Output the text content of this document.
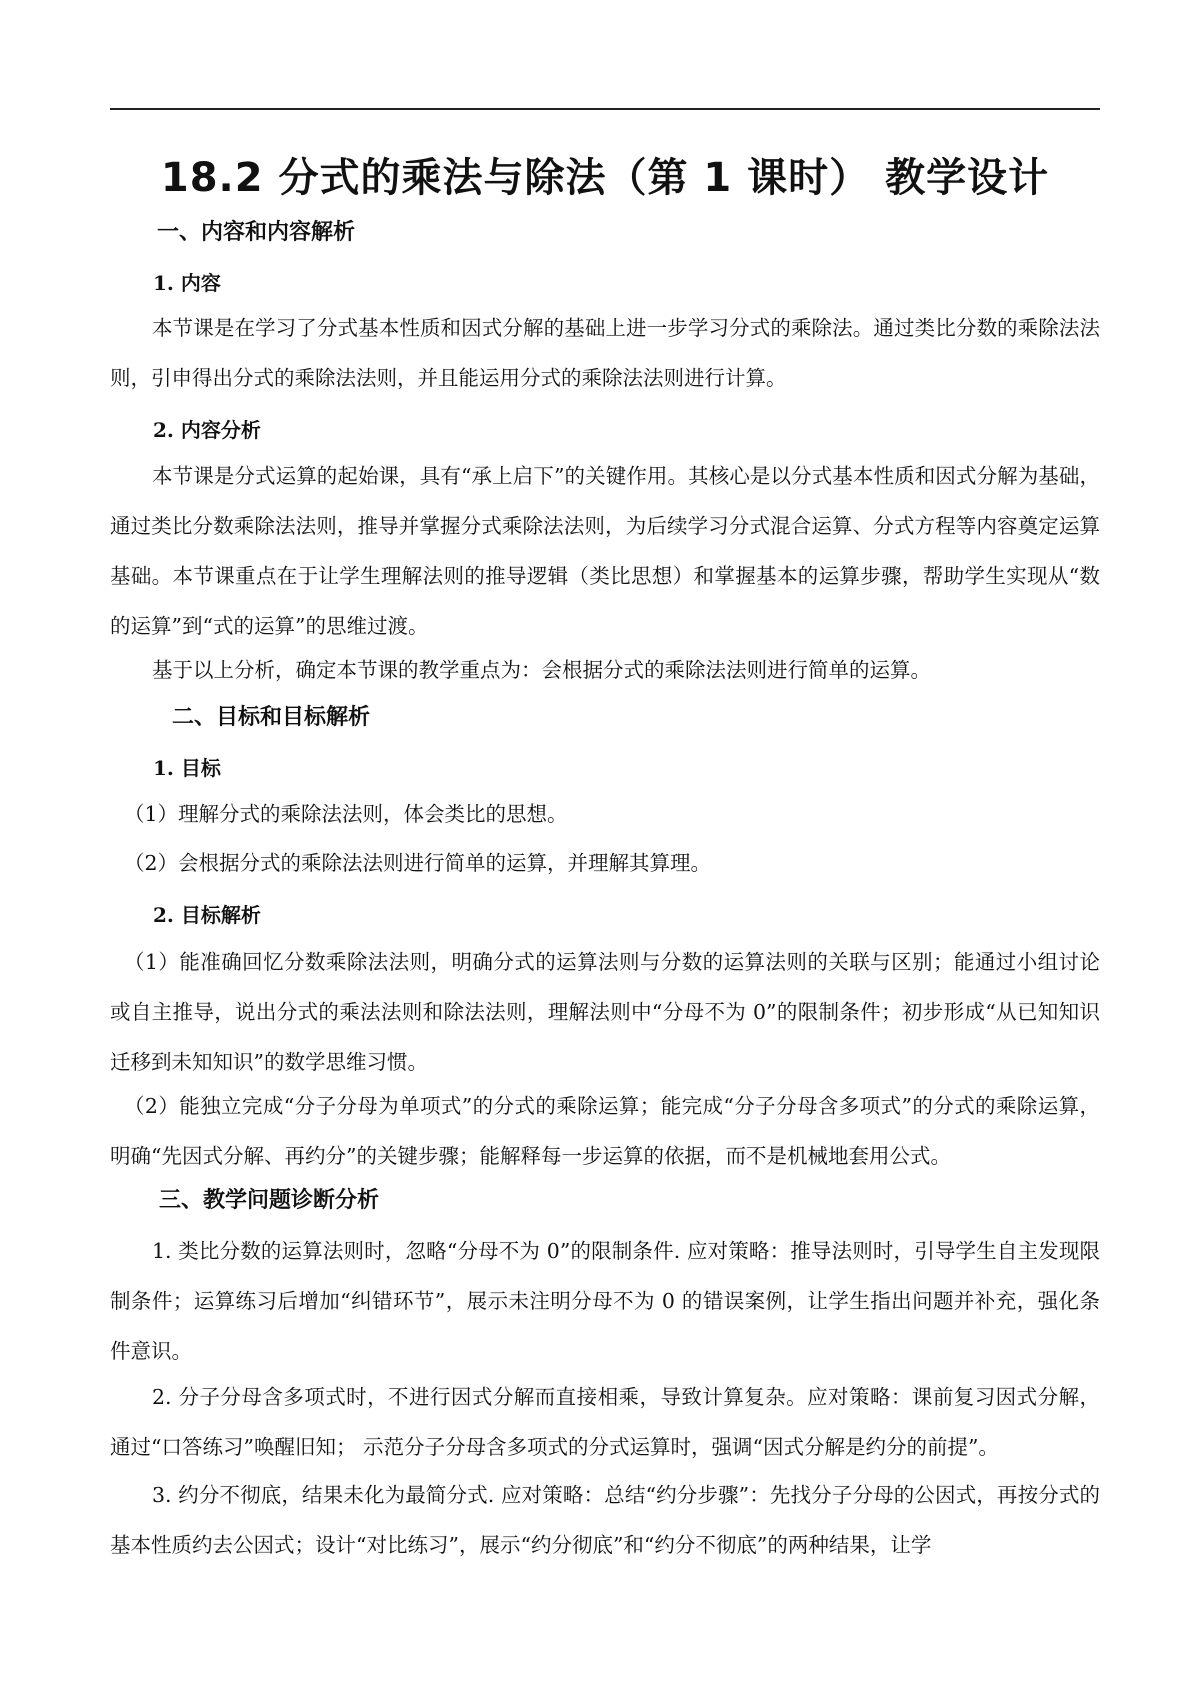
18.2 分式的乘法与除法（第 1 课时） 教学设计
一、内容和内容解析
1. 内容
本节课是在学习了分式基本性质和因式分解的基础上进一步学习分式的乘除法。通过类比分数的乘除法法则，引申得出分式的乘除法法则，并且能运用分式的乘除法法则进行计算。
2. 内容分析
本节课是分式运算的起始课，具有“承上启下”的关键作用。其核心是以分式基本性质和因式分解为基础，通过类比分数乘除法法则，推导并掌握分式乘除法法则，为后续学习分式混合运算、分式方程等内容奠定运算基础。本节课重点在于让学生理解法则的推导逻辑（类比思想）和掌握基本的运算步骤，帮助学生实现从“数的运算”到“式的运算”的思维过渡。
基于以上分析，确定本节课的教学重点为：会根据分式的乘除法法则进行简单的运算。
二、目标和目标解析
1. 目标
（1）理解分式的乘除法法则，体会类比的思想。
（2）会根据分式的乘除法法则进行简单的运算，并理解其算理。
2. 目标解析
（1）能准确回忆分数乘除法法则，明确分式的运算法则与分数的运算法则的关联与区别；能通过小组讨论或自主推导，说出分式的乘法法则和除法法则，理解法则中“分母不为 0”的限制条件；初步形成“从已知知识迁移到未知知识”的数学思维习惯。
（2）能独立完成“分子分母为单项式”的分式的乘除运算；能完成“分子分母含多项式”的分式的乘除运算，明确“先因式分解、再约分”的关键步骤；能解释每一步运算的依据，而不是机械地套用公式。
三、教学问题诊断分析
1. 类比分数的运算法则时，忽略“分母不为 0”的限制条件. 应对策略：推导法则时，引导学生自主发现限制条件；运算练习后增加“纠错环节”，展示未注明分母不为 0 的错误案例，让学生指出问题并补充，强化条件意识。
2. 分子分母含多项式时，不进行因式分解而直接相乘，导致计算复杂。应对策略：课前复习因式分解，通过“口答练习”唤醒旧知； 示范分子分母含多项式的分式运算时，强调“因式分解是约分的前提”。
3. 约分不彻底，结果未化为最简分式. 应对策略：总结“约分步骤”：先找分子分母的公因式，再按分式的基本性质约去公因式；设计“对比练习”，展示“约分彻底”和“约分不彻底”的两种结果，让学
